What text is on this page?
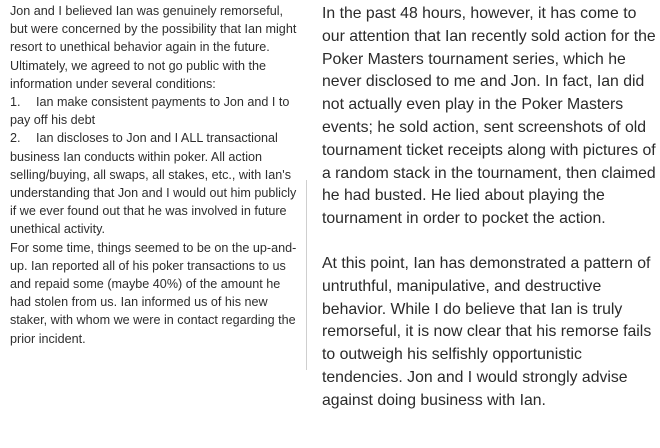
Jon and I believed Ian was genuinely remorseful, but were concerned by the possibility that Ian might resort to unethical behavior again in the future. Ultimately, we agreed to not go public with the information under several conditions:

1. Ian make consistent payments to Jon and I to pay off his debt
2. Ian discloses to Jon and I ALL transactional business Ian conducts within poker. All action selling/buying, all swaps, all stakes, etc., with Ian's understanding that Jon and I would out him publicly if we ever found out that he was involved in future unethical activity.

For some time, things seemed to be on the up-and-up. Ian reported all of his poker transactions to us and repaid some (maybe 40%) of the amount he had stolen from us. Ian informed us of his new staker, with whom we were in contact regarding the prior incident.

In the past 48 hours, however, it has come to our attention that Ian recently sold action for the Poker Masters tournament series, which he never disclosed to me and Jon. In fact, Ian did not actually even play in the Poker Masters events; he sold action, sent screenshots of old tournament ticket receipts along with pictures of a random stack in the tournament, then claimed he had busted. He lied about playing the tournament in order to pocket the action.

At this point, Ian has demonstrated a pattern of untruthful, manipulative, and destructive behavior. While I do believe that Ian is truly remorseful, it is now clear that his remorse fails to outweigh his selfishly opportunistic tendencies. Jon and I would strongly advise against doing business with Ian.
